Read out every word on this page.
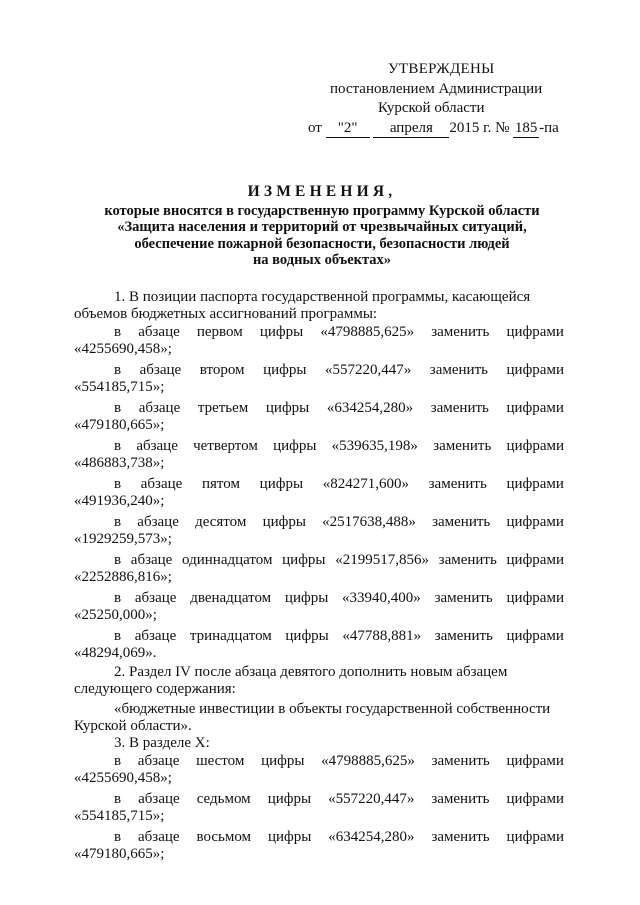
УТВЕРЖДЕНЫ
постановлением Администрации
Курской области
от "2" апреля 2015 г. № 185 -па
ИЗМЕНЕНИЯ,
которые вносятся в государственную программу Курской области
«Защита населения и территорий от чрезвычайных ситуаций,
обеспечение пожарной безопасности, безопасности людей
на водных объектах»
1. В позиции паспорта государственной программы, касающейся
объемов бюджетных ассигнований программы:
в абзаце первом цифры «4798885,625» заменить цифрами
«4255690,458»;
в абзаце втором цифры «557220,447» заменить цифрами
«554185,715»;
в абзаце третьем цифры «634254,280» заменить цифрами
«479180,665»;
в абзаце четвертом цифры «539635,198» заменить цифрами
«486883,738»;
в абзаце пятом цифры «824271,600» заменить цифрами
«491936,240»;
в абзаце десятом цифры «2517638,488» заменить цифрами
«1929259,573»;
в абзаце одиннадцатом цифры «2199517,856» заменить цифрами
«2252886,816»;
в абзаце двенадцатом цифры «33940,400» заменить цифрами
«25250,000»;
в абзаце тринадцатом цифры «47788,881» заменить цифрами
«48294,069».
2. Раздел IV после абзаца девятого дополнить новым абзацем
следующего содержания:
«бюджетные инвестиции в объекты государственной собственности
Курской области».
3. В разделе X:
в абзаце шестом цифры «4798885,625» заменить цифрами
«4255690,458»;
в абзаце седьмом цифры «557220,447» заменить цифрами
«554185,715»;
в абзаце восьмом цифры «634254,280» заменить цифрами
«479180,665»;
